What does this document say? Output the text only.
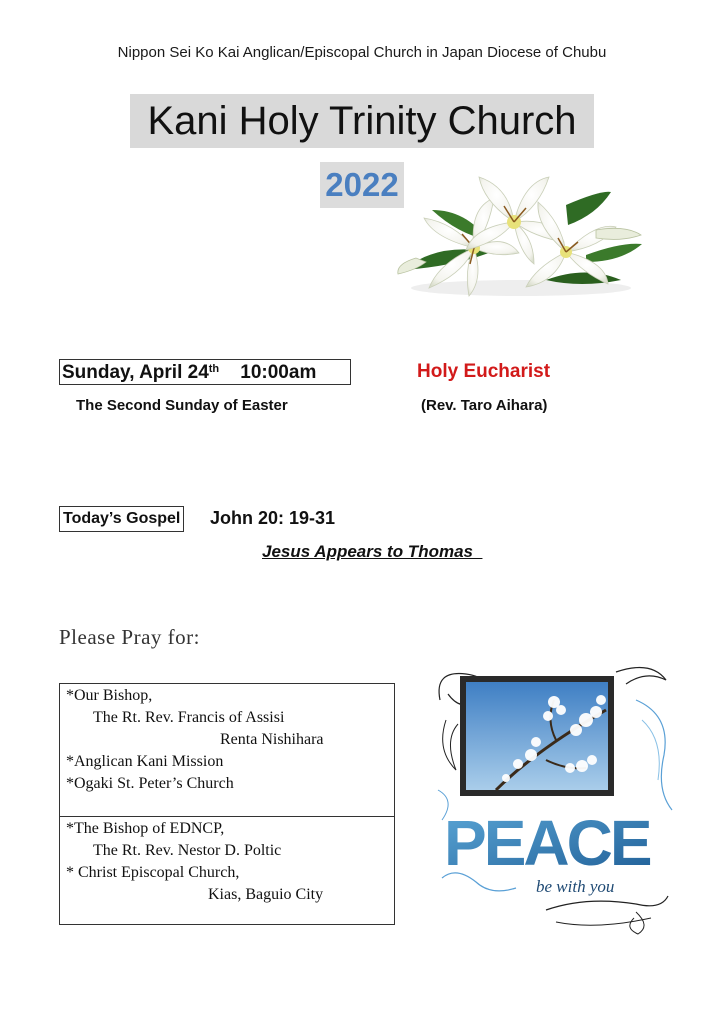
Nippon Sei Ko Kai Anglican/Episcopal Church in Japan Diocese of Chubu
Kani Holy Trinity Church
2022
Sunday, April 24th 10:00am	Holy Eucharist
The Second Sunday of Easter	(Rev. Taro Aihara)
Today’s Gospel John 20: 19-31
Jesus Appears to Thomas
Please Pray for:
*Our Bishop,
The Rt. Rev. Francis of Assisi
Renta Nishihara
*Anglican Kani Mission
*Ogaki St. Peter’s Church
*The Bishop of EDNCP,
The Rt. Rev. Nestor D. Poltic
* Christ Episcopal Church,
Kias, Baguio City
PEACE
be with you
